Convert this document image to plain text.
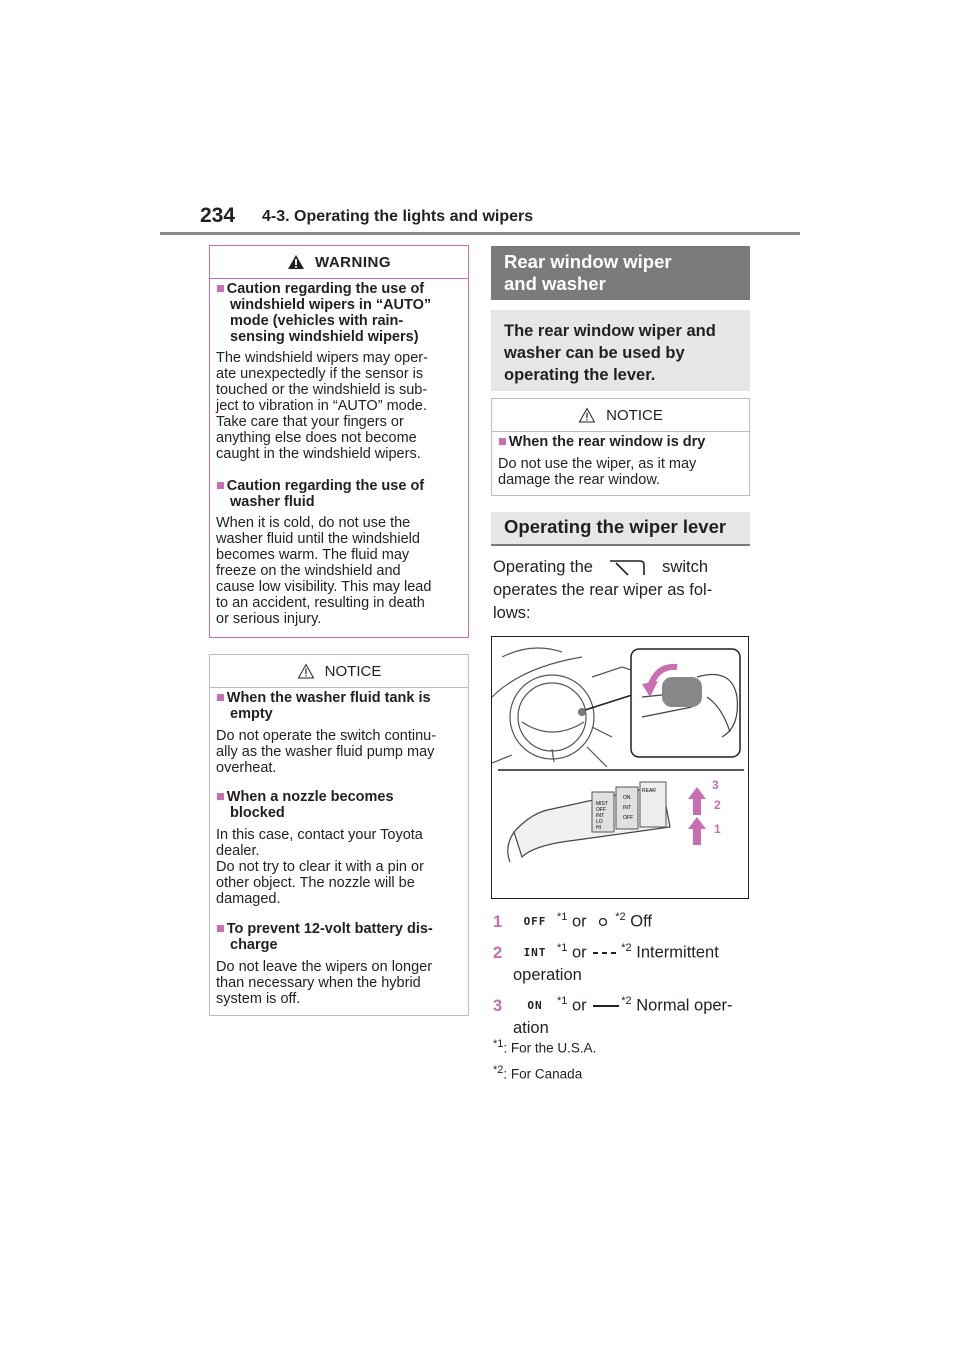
234 4-3. Operating the lights and wipers
WARNING
■ Caution regarding the use of
windshield wipers in “AUTO”
mode (vehicles with rain-
sensing windshield wipers)
The windshield wipers may oper-
ate unexpectedly if the sensor is
touched or the windshield is sub-
ject to vibration in “AUTO” mode.
Take care that your fingers or
anything else does not become
caught in the windshield wipers.
■ Caution regarding the use of
washer fluid
When it is cold, do not use the
washer fluid until the windshield
becomes warm. The fluid may
freeze on the windshield and
cause low visibility. This may lead
to an accident, resulting in death
or serious injury.
NOTICE
■ When the washer fluid tank is
empty
Do not operate the switch continu-
ally as the washer fluid pump may
overheat.
■ When a nozzle becomes
blocked
In this case, contact your Toyota
dealer.
Do not try to clear it with a pin or
other object. The nozzle will be
damaged.
■ To prevent 12-volt battery dis-
charge
Do not leave the wipers on longer
than necessary when the hybrid
system is off.
Rear window wiper
and washer
The rear window wiper and
washer can be used by
operating the lever.
NOTICE
■ When the rear window is dry
Do not use the wiper, as it may
damage the rear window.
Operating the wiper lever
Operating the	switch
operates the rear wiper as fol-
lows:
MIST
OFF
INT
LO
HI
ON
INT
OFF
REAR	3
2
1
1 OFF $^{*1}$ or	$^{*2}$ Off
2 INT $^{*1}$ or	$^{*2}$ Intermittent
operation
3 ON $^{*1}$ or	$^{*2}$ Normal oper-
ation
$^{*1}$: For the U.S.A.
$^{*2}$: For Canada
